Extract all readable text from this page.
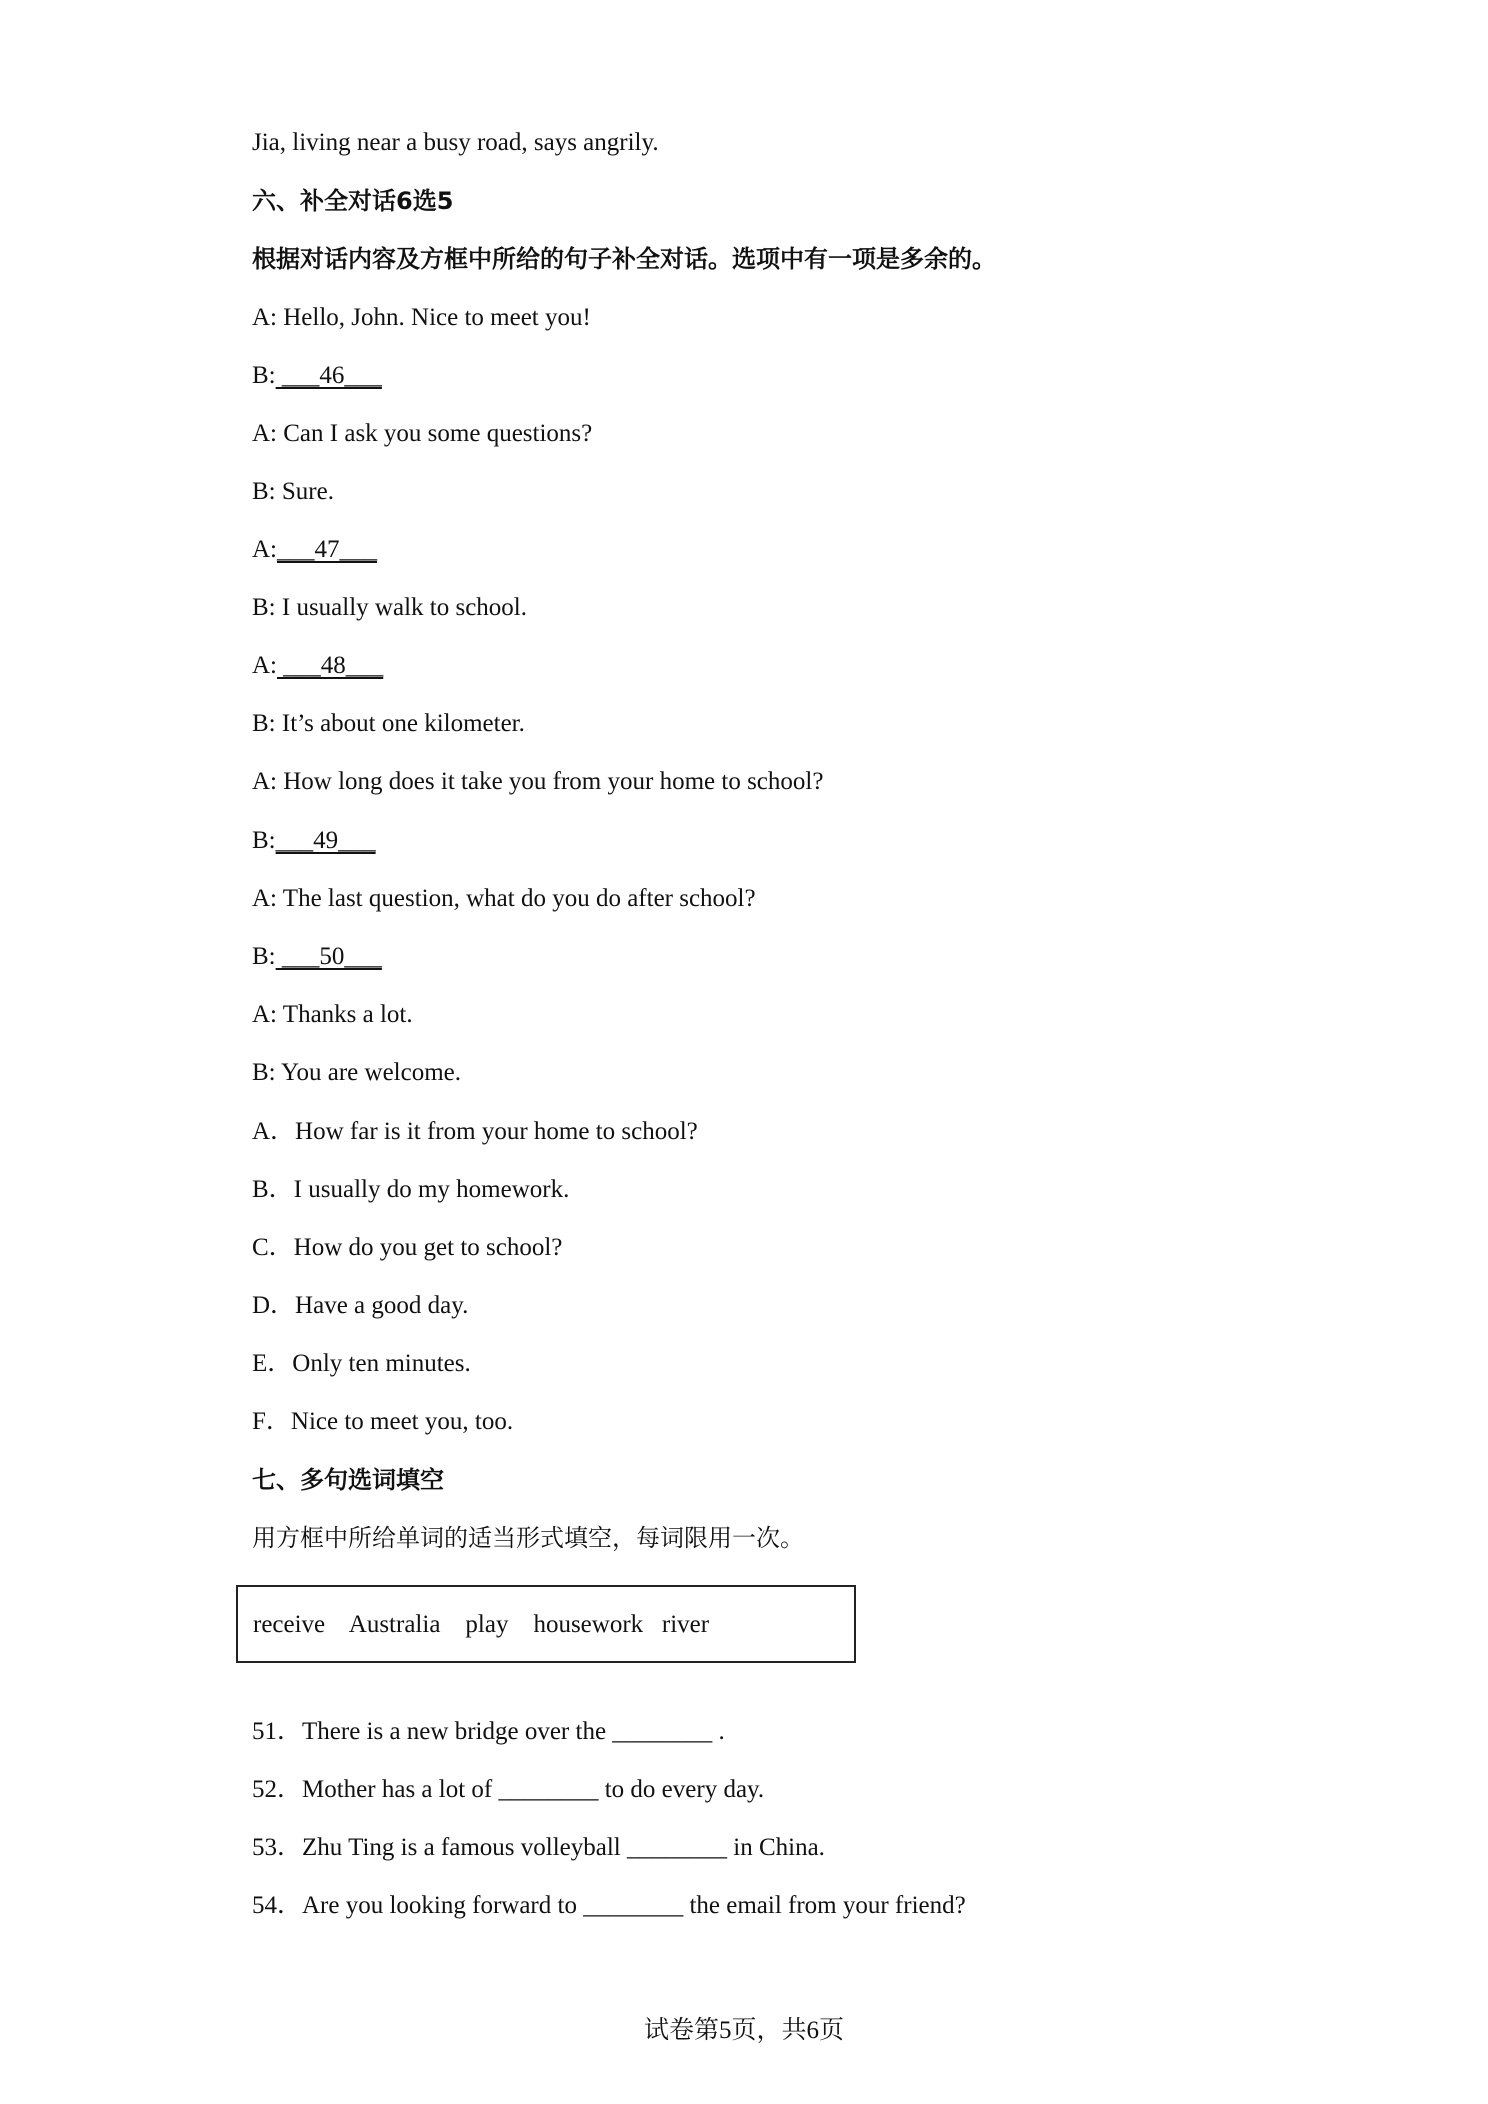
Jia, living near a busy road, says angrily.

六、补全对话6选5

根据对话内容及方框中所给的句子补全对话。选项中有一项是多余的。

A: Hello, John. Nice to meet you!

B: ___46___

A: Can I ask you some questions?

B: Sure.

A:___47___

B: I usually walk to school.

A: ___48___

B: It’s about one kilometer.

A: How long does it take you from your home to school?

B:___49___

A: The last question, what do you do after school?

B: ___50___

A: Thanks a lot.

B: You are welcome.

A．How far is it from your home to school?

B．I usually do my homework.

C．How do you get to school?

D．Have a good day.

E．Only ten minutes.

F．Nice to meet you, too.

七、多句选词填空

用方框中所给单词的适当形式填空，每词限用一次。

receive    Australia    play    housework   river

51．There is a new bridge over the ________ .

52．Mother has a lot of ________ to do every day.

53．Zhu Ting is a famous volleyball ________ in China.

54．Are you looking forward to ________ the email from your friend?

试卷第5页，共6页
